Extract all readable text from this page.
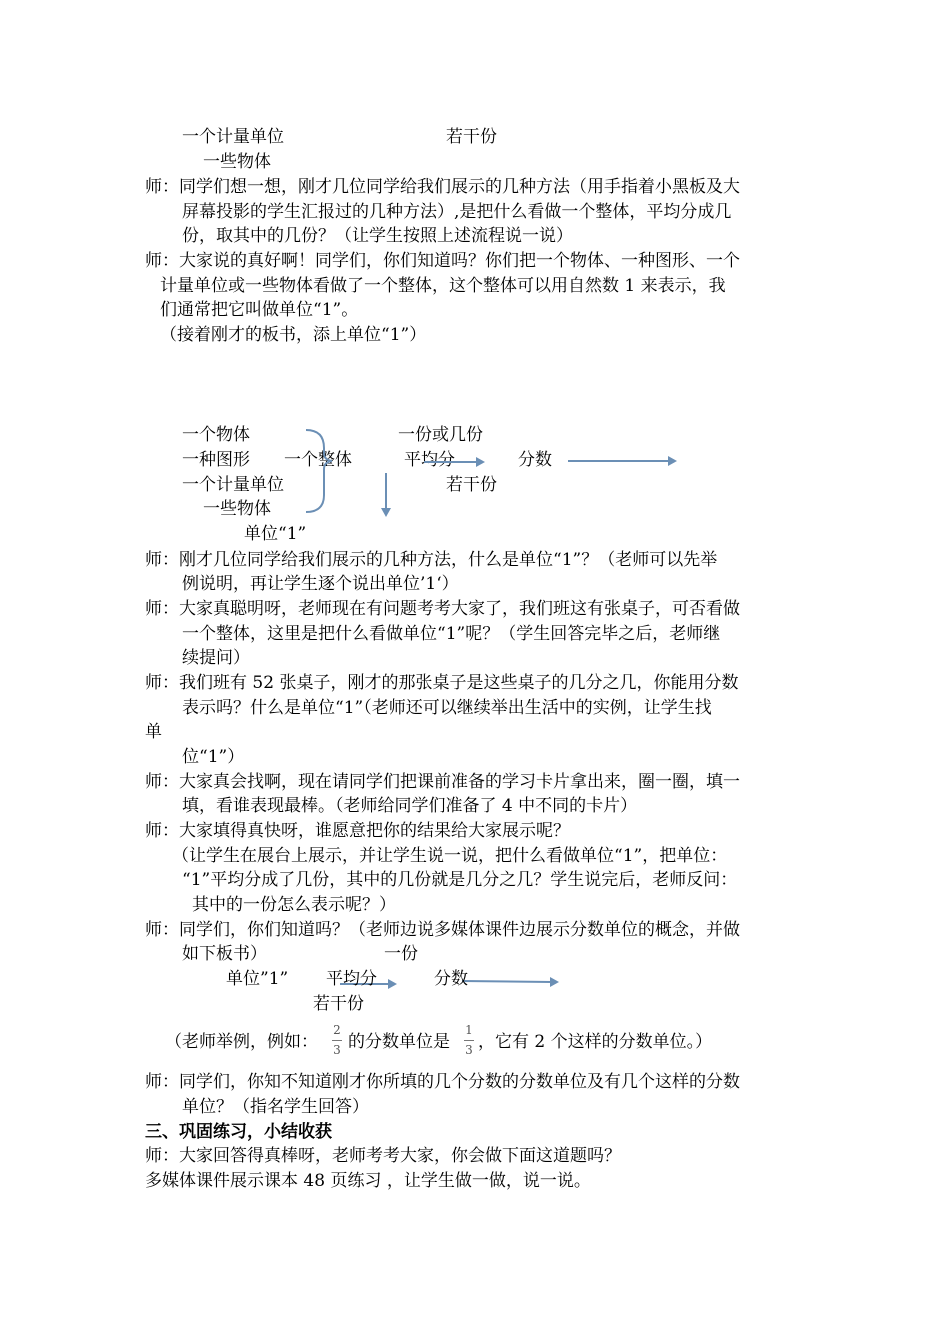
一个计量单位	若干份
一些物体
师：同学们想一想，刚才几位同学给我们展示的几种方法（用手指着小黑板及大
屏幕投影的学生汇报过的几种方法）,是把什么看做一个整体，平均分成几
份，取其中的几份？（让学生按照上述流程说一说）
师：大家说的真好啊！同学们，你们知道吗？你们把一个物体、一种图形、一个
计量单位或一些物体看做了一个整体，这个整体可以用自然数 1 来表示，我
们通常把它叫做单位“1”。
（接着刚才的板书，添上单位“1”）
一个物体
一种图形
一个计量单位
一些物体
一个整体
一份或几份
平均分	分数
若干份
单位“1”
师：刚才几位同学给我们展示的几种方法，什么是单位“1”？（老师可以先举
例说明，再让学生逐个说出单位’1‘）
师：大家真聪明呀，老师现在有问题考考大家了，我们班这有张桌子，可否看做
一个整体，这里是把什么看做单位“1”呢？（学生回答完毕之后，老师继
续提问）
师：我们班有 52 张桌子，刚才的那张桌子是这些桌子的几分之几，你能用分数
表示吗？什么是单位“1”（老师还可以继续举出生活中的实例，让学生找
单
位“1”）
师：大家真会找啊，现在请同学们把课前准备的学习卡片拿出来，圈一圈，填一
填，看谁表现最棒。（老师给同学们准备了 4 中不同的卡片）
师：大家填得真快呀，谁愿意把你的结果给大家展示呢？
（让学生在展台上展示，并让学生说一说，把什么看做单位“1”，把单位：
“1”平均分成了几份，其中的几份就是几分之几？学生说完后，老师反问：
其中的一份怎么表示呢？）
师：同学们，你们知道吗？（老师边说多媒体课件边展示分数单位的概念，并做
如下板书）	一份
单位”1” 平均分	分数
若干份
（老师举例，例如：
2
3 的分数单位是
1
3 ，它有 2 个这样的分数单位。）
师：同学们，你知不知道刚才你所填的几个分数的分数单位及有几个这样的分数
单位？（指名学生回答）
三、巩固练习，小结收获
师：大家回答得真棒呀，老师考考大家，你会做下面这道题吗？
多媒体课件展示课本 48 页练习 ，让学生做一做，说一说。
